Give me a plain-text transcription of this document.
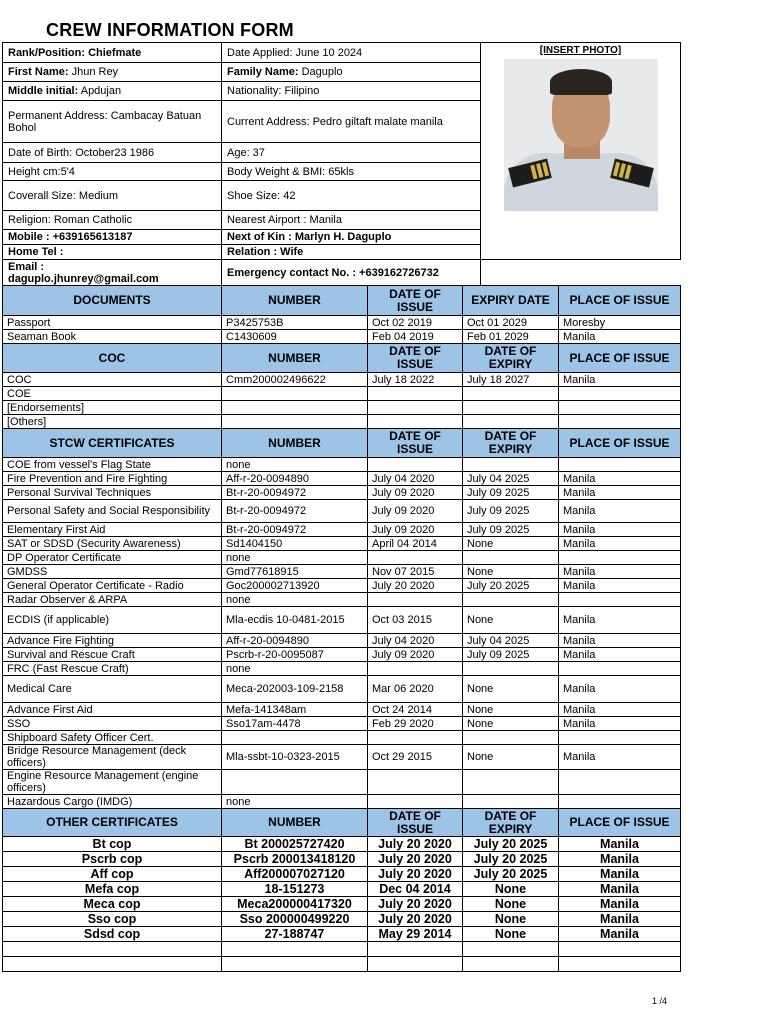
CREW INFORMATION FORM
Rank/Position: Chiefmate	Date Applied: June 10 2024	[INSERT PHOTO]

First Name: Jhun Rey	Family Name: Daguplo	
Middle initial: Apdujan	Nationality: Filipino	
Permanent Address: Cambacay Batuan Bohol	Current Address: Pedro giltaft malate manila	
Date of Birth: October23 1986	Age: 37	
Height cm:5'4	Body Weight & BMI: 65kls	
Coverall Size: Medium	Shoe Size: 42	
Religion: Roman Catholic	Nearest Airport : Manila	
Mobile : +639165613187	Next of Kin : Marlyn H. Daguplo	
Home Tel :	Relation : Wife	

Email :
daguplo.jhunrey@gmail.com	Emergency contact No. : +639162726732	
DOCUMENTS	NUMBER	DATE OF ISSUE	EXPIRY DATE	PLACE OF ISSUE
Passport	P3425753B	Oct 02 2019	Oct 01 2029	Moresby
Seaman Book	C1430609	Feb 04 2019	Feb 01 2029	Manila
COC	NUMBER	DATE OF ISSUE	DATE OF EXPIRY	PLACE OF ISSUE
COC	Cmm200002496622	July 18 2022	July 18 2027	Manila
COE				
[Endorsements]				
[Others]				
STCW CERTIFICATES	NUMBER	DATE OF ISSUE	DATE OF EXPIRY	PLACE OF ISSUE
COE from vessel's Flag State	none			
Fire Prevention and Fire Fighting	Aff-r-20-0094890	July 04 2020	July 04 2025	Manila
Personal Survival Techniques	Bt-r-20-0094972	July 09 2020	July 09 2025	Manila
Personal Safety and Social Responsibility	Bt-r-20-0094972	July 09 2020	July 09 2025	Manila
Elementary First Aid	Bt-r-20-0094972	July 09 2020	July 09 2025	Manila
SAT or SDSD (Security Awareness)	Sd1404150	April 04 2014	None	Manila
DP Operator Certificate	none			
GMDSS	Gmd77618915	Nov 07 2015	None	Manila
General Operator Certificate - Radio	Goc200002713920	July 20 2020	July 20 2025	Manila
Radar Observer & ARPA	none			
ECDIS (if applicable)	Mla-ecdis 10-0481-2015	Oct 03 2015	None	Manila
Advance Fire Fighting	Aff-r-20-0094890	July 04 2020	July 04 2025	Manila
Survival and Rescue Craft	Pscrb-r-20-0095087	July 09 2020	July 09 2025	Manila
FRC (Fast Rescue Craft)	none			
Medical Care	Meca-202003-109-2158	Mar 06 2020	None	Manila
Advance First Aid	Mefa-141348am	Oct 24 2014	None	Manila
SSO	Sso17am-4478	Feb 29 2020	None	Manila
Shipboard Safety Officer Cert.				
Bridge Resource Management (deck officers)	Mla-ssbt-10-0323-2015	Oct 29 2015	None	Manila
Engine Resource Management (engine officers)				
Hazardous Cargo (IMDG)	none			
OTHER CERTIFICATES	NUMBER	DATE OF ISSUE	DATE OF EXPIRY	PLACE OF ISSUE
Bt cop	Bt 200025727420	July 20 2020	July 20 2025	Manila
Pscrb cop	Pscrb 200013418120	July 20 2020	July 20 2025	Manila
Aff cop	Aff200007027120	July 20 2020	July 20 2025	Manila
Mefa cop	18-151273	Dec 04 2014	None	Manila
Meca cop	Meca200000417320	July 20 2020	None	Manila
Sso cop	Sso 200000499220	July 20 2020	None	Manila
Sdsd cop	27-188747	May 29 2014	None	Manila

1 /4
